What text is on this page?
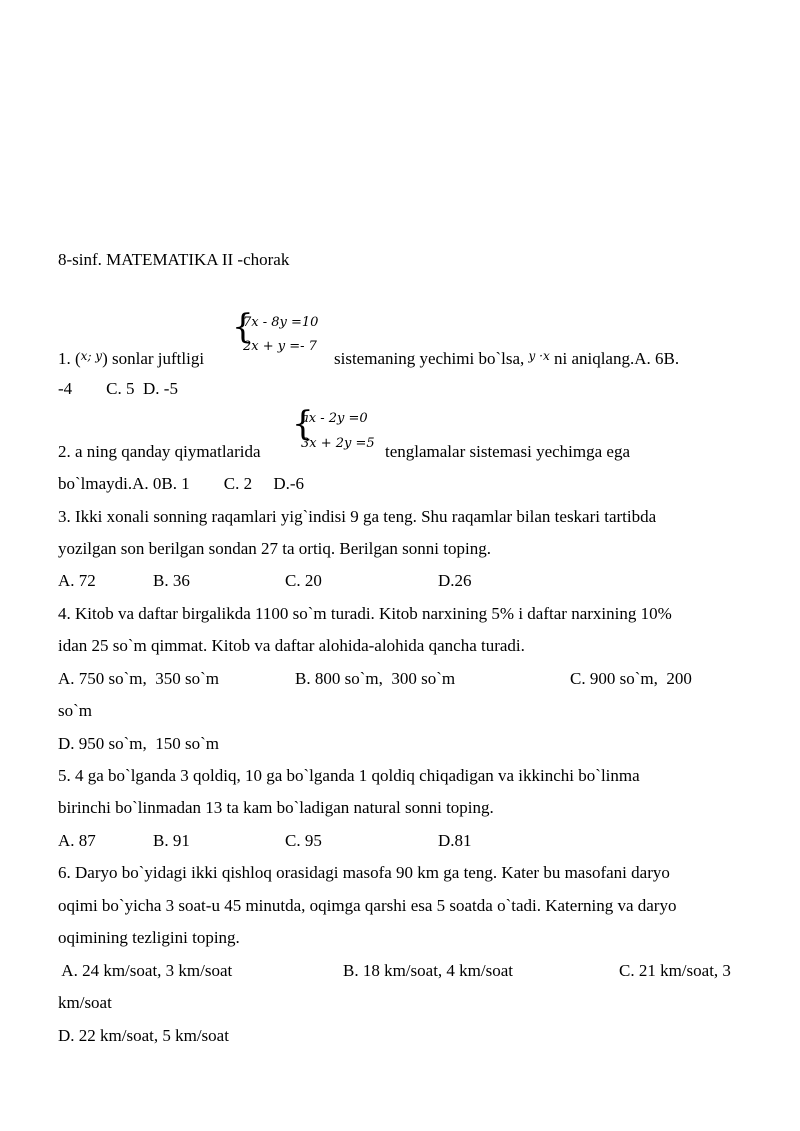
8-sinf. MATEMATIKA II -chorak
1. ($^{x; y}$) sonlar juftligi
{
7x - 8y =10
2x + y =- 7
sistemaning yechimi bo`lsa, $^{y \cdot x}$ ni aniqlang.A. 6B.
-4        C. 5  D. -5
2. a ning qanday qiymatlarida
{
ax - 2y =0
3x + 2y =5 tenglamalar sistemasi yechimga ega
bo`lmaydi.A. 0B. 1        C. 2     D.-6
3. Ikki xonali sonning raqamlari yig`indisi 9 ga teng. Shu raqamlar bilan teskari tartibda
yozilgan son berilgan sondan 27 ta ortiq. Berilgan sonni toping.
A. 72	B. 36	C. 20	D.26
4. Kitob va daftar birgalikda 1100 so`m turadi. Kitob narxining 5% i daftar narxining 10%
idan 25 so`m qimmat. Kitob va daftar alohida-alohida qancha turadi.
A. 750 so`m,  350 so`m	B. 800 so`m,  300 so`m	C. 900 so`m,  200
so`m
D. 950 so`m,  150 so`m
5. 4 ga bo`lganda 3 qoldiq, 10 ga bo`lganda 1 qoldiq chiqadigan va ikkinchi bo`linma
birinchi bo`linmadan 13 ta kam bo`ladigan natural sonni toping.
A. 87	B. 91	C. 95	D.81
6. Daryo bo`yidagi ikki qishloq orasidagi masofa 90 km ga teng. Kater bu masofani daryo
oqimi bo`yicha 3 soat-u 45 minutda, oqimga qarshi esa 5 soatda o`tadi. Katerning va daryo
oqimining tezligini toping.
A. 24 km/soat, 3 km/soat	B. 18 km/soat, 4 km/soat	C. 21 km/soat, 3
km/soat
D. 22 km/soat, 5 km/soat
